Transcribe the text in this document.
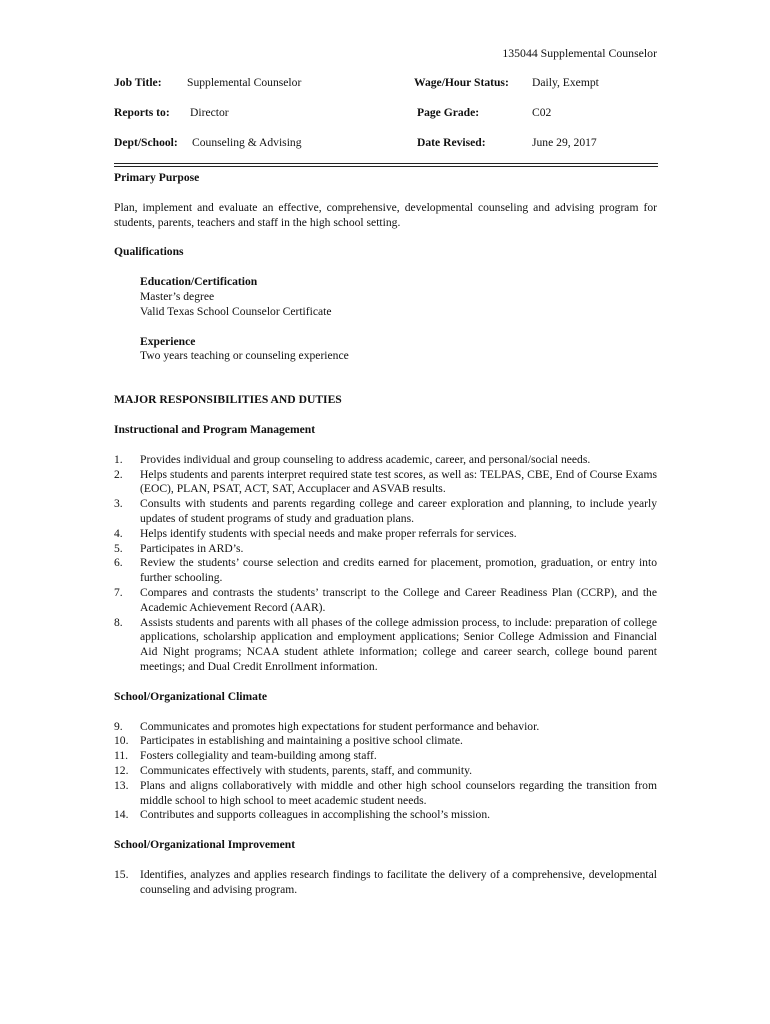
135044 Supplemental Counselor
Job Title: Supplemental Counselor	Wage/Hour Status: Daily, Exempt
Reports to: Director	Page Grade:	C02
Dept/School: Counseling & Advising	Date Revised:	June 29, 2017
Primary Purpose

Plan, implement and evaluate an effective, comprehensive, developmental counseling and advising program for students, parents, teachers and staff in the high school setting.

Qualifications
Education/Certification
Master’s degree
Valid Texas School Counselor Certificate
Experience
Two years teaching or counseling experience
MAJOR RESPONSIBILITIES AND DUTIES
Instructional and Program Management
1. Provides individual and group counseling to address academic, career, and personal/social needs.
2. Helps students and parents interpret required state test scores, as well as: TELPAS, CBE, End of Course Exams (EOC), PLAN, PSAT, ACT, SAT, Accuplacer and ASVAB results.
3. Consults with students and parents regarding college and career exploration and planning, to include yearly updates of student programs of study and graduation plans.
4. Helps identify students with special needs and make proper referrals for services.
5. Participates in ARD’s.
6. Review the students’ course selection and credits earned for placement, promotion, graduation, or entry into further schooling.
7. Compares and contrasts the students’ transcript to the College and Career Readiness Plan (CCRP), and the Academic Achievement Record (AAR).
8. Assists students and parents with all phases of the college admission process, to include: preparation of college applications, scholarship application and employment applications; Senior College Admission and Financial Aid Night programs; NCAA student athlete information; college and career search, college bound parent meetings; and Dual Credit Enrollment information.
School/Organizational Climate
9. Communicates and promotes high expectations for student performance and behavior.
10. Participates in establishing and maintaining a positive school climate.
11. Fosters collegiality and team-building among staff.
12. Communicates effectively with students, parents, staff, and community.
13. Plans and aligns collaboratively with middle and other high school counselors regarding the transition from middle school to high school to meet academic student needs.
14. Contributes and supports colleagues in accomplishing the school’s mission.
School/Organizational Improvement
15. Identifies, analyzes and applies research findings to facilitate the delivery of a comprehensive, developmental counseling and advising program.
